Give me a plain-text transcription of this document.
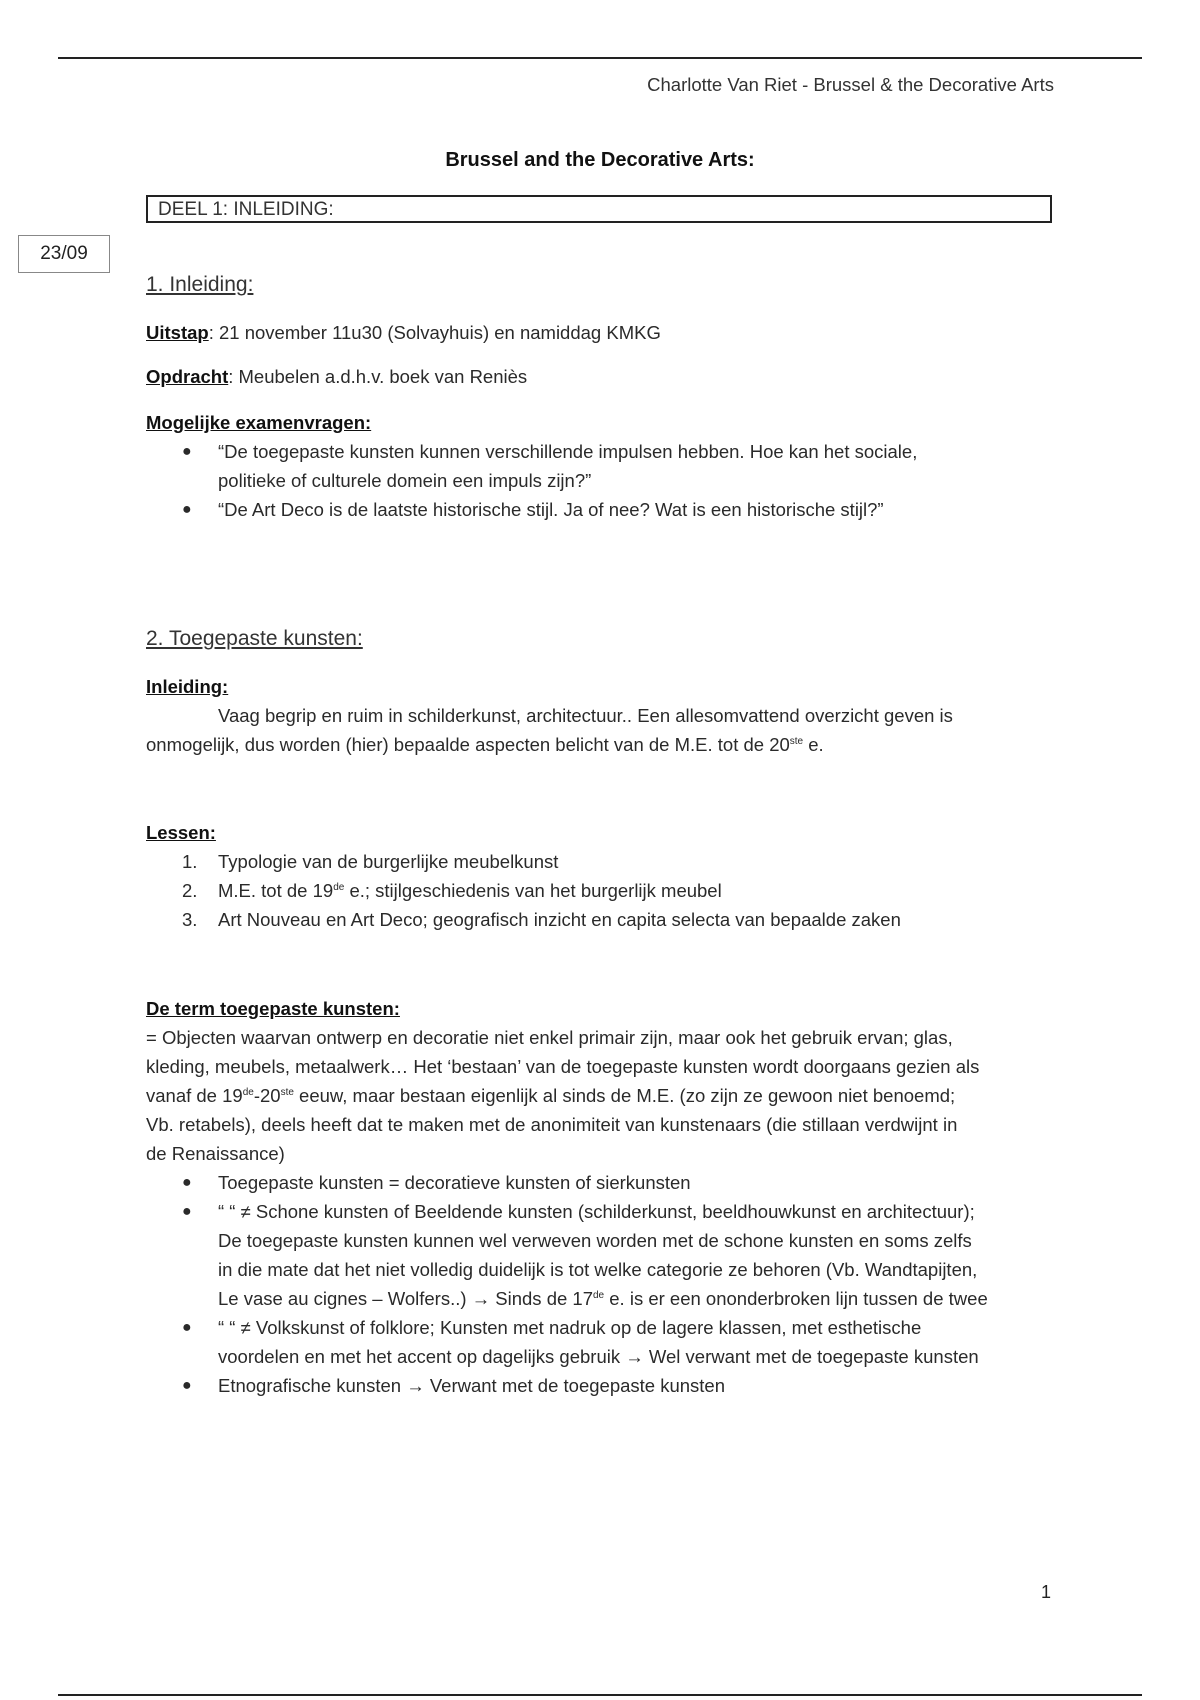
Charlotte Van Riet - Brussel & the Decorative Arts
Brussel and the Decorative Arts:
DEEL 1: INLEIDING:
23/09
1. Inleiding:
Uitstap: 21 november 11u30 (Solvayhuis) en namiddag KMKG
Opdracht: Meubelen a.d.h.v. boek van Reniès
Mogelijke examenvragen:
● “De toegepaste kunsten kunnen verschillende impulsen hebben. Hoe kan het sociale,
politieke of culturele domein een impuls zijn?”
● “De Art Deco is de laatste historische stijl. Ja of nee? Wat is een historische stijl?”
2. Toegepaste kunsten:
Inleiding:
Vaag begrip en ruim in schilderkunst, architectuur.. Een allesomvattend overzicht geven is
onmogelijk, dus worden (hier) bepaalde aspecten belicht van de M.E. tot de 20ste e.
Lessen:
1. Typologie van de burgerlijke meubelkunst
2. M.E. tot de 19de e.; stijlgeschiedenis van het burgerlijk meubel
3. Art Nouveau en Art Deco; geografisch inzicht en capita selecta van bepaalde zaken
De term toegepaste kunsten:
= Objecten waarvan ontwerp en decoratie niet enkel primair zijn, maar ook het gebruik ervan; glas,
kleding, meubels, metaalwerk… Het ‘bestaan’ van de toegepaste kunsten wordt doorgaans gezien als
vanaf de 19de-20ste eeuw, maar bestaan eigenlijk al sinds de M.E. (zo zijn ze gewoon niet benoemd;
Vb. retabels), deels heeft dat te maken met de anonimiteit van kunstenaars (die stillaan verdwijnt in
de Renaissance)
● Toegepaste kunsten = decoratieve kunsten of sierkunsten
● “ “ ≠ Schone kunsten of Beeldende kunsten (schilderkunst, beeldhouwkunst en architectuur);
De toegepaste kunsten kunnen wel verweven worden met de schone kunsten en soms zelfs
in die mate dat het niet volledig duidelijk is tot welke categorie ze behoren (Vb. Wandtapijten,
Le vase au cignes – Wolfers..) → Sinds de 17de e. is er een ononderbroken lijn tussen de twee
● “ “ ≠ Volkskunst of folklore; Kunsten met nadruk op de lagere klassen, met esthetische
voordelen en met het accent op dagelijks gebruik → Wel verwant met de toegepaste kunsten
● Etnografische kunsten → Verwant met de toegepaste kunsten
1
